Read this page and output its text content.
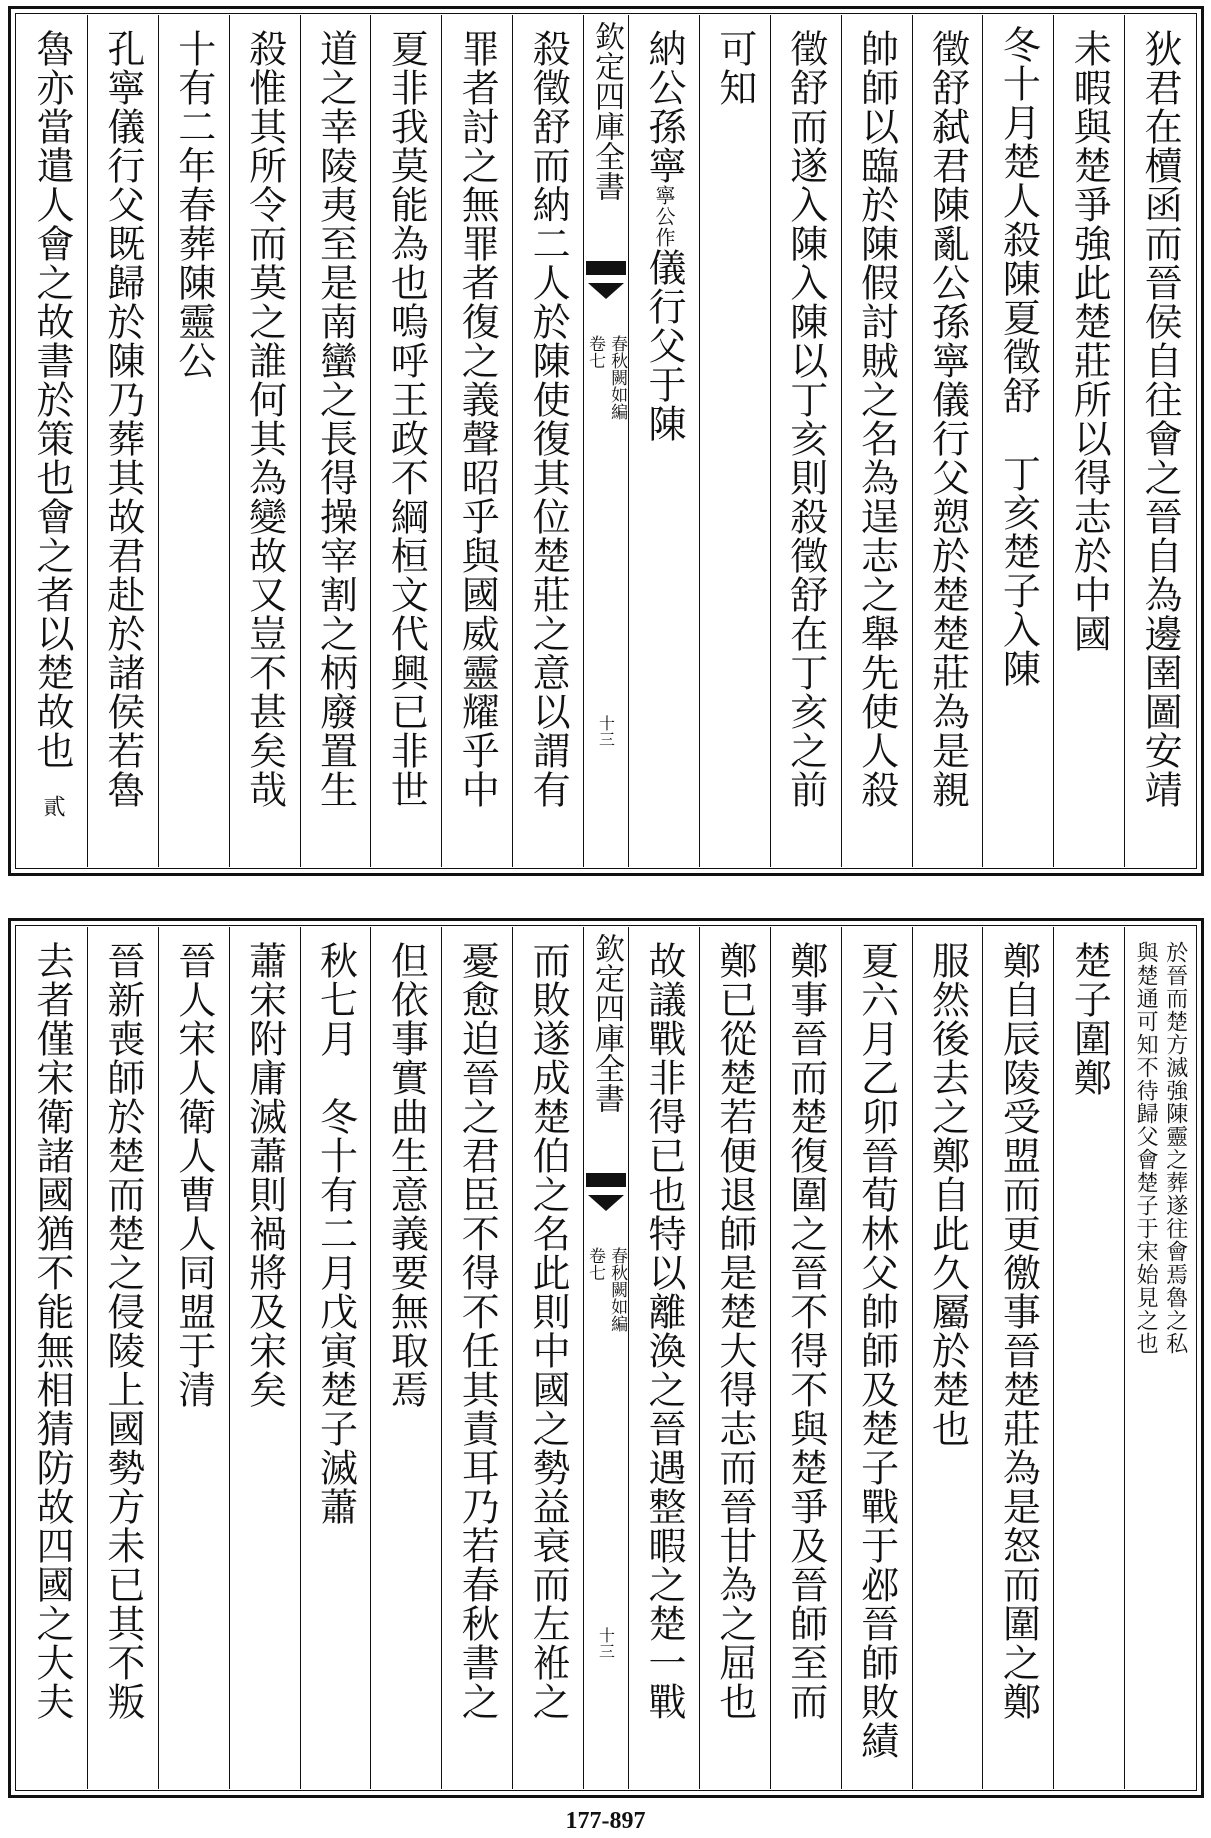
狄君在櫝函而晉侯自往會之晉自為邊圉圖安靖
未暇與楚爭強此楚莊所以得志於中國
冬十月楚人殺陳夏徵舒　丁亥楚子入陳
徵舒弑君陳亂公孫寧儀行父愬於楚楚莊為是親
帥師以臨於陳假討賊之名為逞志之舉先使人殺
徵舒而遂入陳入陳以丁亥則殺徵舒在丁亥之前
可知
納公孫寧寧公作儀行父于陳
欽定四庫全書
春秋闕如編
卷七
十三
殺徵舒而納二人於陳使復其位楚莊之意以謂有
罪者討之無罪者復之義聲昭乎與國威靈耀乎中
夏非我莫能為也嗚呼王政不綱桓文代興已非世
道之幸陵夷至是南蠻之長得操宰割之柄廢置生
殺惟其所令而莫之誰何其為變故又豈不甚矣哉
十有二年春葬陳靈公
孔寧儀行父既歸於陳乃葬其故君赴於諸侯若魯
魯亦當遣人會之故書於策也會之者以楚故也
貳
於晉而楚方滅強陳靈之葬遂往會焉魯之私
與楚通可知不待歸父會楚子于宋始見之也
楚子圍鄭
鄭自辰陵受盟而更徼事晉楚莊為是怒而圍之鄭
服然後去之鄭自此久屬於楚也
夏六月乙卯晉荀林父帥師及楚子戰于邲晉師敗績
鄭事晉而楚復圍之晉不得不與楚爭及晉師至而
鄭已從楚若便退師是楚大得志而晉甘為之屈也
故議戰非得已也特以離渙之晉遇整暇之楚一戰
欽定四庫全書
春秋闕如編
卷七
十三
而敗遂成楚伯之名此則中國之勢益衰而左袵之
憂愈迫晉之君臣不得不任其責耳乃若春秋書之
但依事實曲生意義要無取焉
秋七月　冬十有二月戊寅楚子滅蕭
蕭宋附庸滅蕭則禍將及宋矣
晉人宋人衛人曹人同盟于清
晉新喪師於楚而楚之侵陵上國勢方未已其不叛
去者僅宋衛諸國猶不能無相猜防故四國之大夫
177-897
